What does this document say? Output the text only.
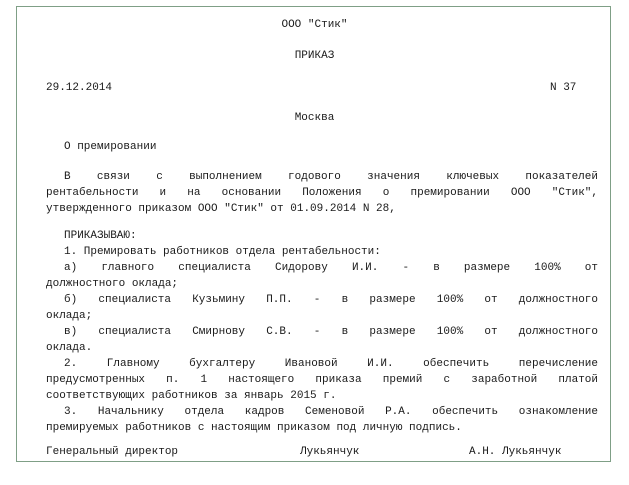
ООО "Стик"
ПРИКАЗ
29.12.2014	N 37
Москва
О премировании
В связи с выполнением годового значения ключевых показателей
рентабельности и на основании Положения о премировании ООО "Стик",
утвержденного приказом ООО "Стик" от 01.09.2014 N 28,
ПРИКАЗЫВАЮ:
1. Премировать работников отдела рентабельности:
а) главного специалиста Сидорову И.И. - в размере 100% от
должностного оклада;
б) специалиста Кузьмину П.П. - в размере 100% от должностного
оклада;
в) специалиста Смирнову С.В. - в размере 100% от должностного
оклада.
2. Главному бухгалтеру Ивановой И.И. обеспечить перечисление
предусмотренных п. 1 настоящего приказа премий с заработной платой
соответствующих работников за январь 2015 г.
3. Начальнику отдела кадров Семеновой Р.А. обеспечить ознакомление
премируемых работников с настоящим приказом под личную подпись.
Генеральный директор	Лукьянчук	А.Н. Лукьянчук
